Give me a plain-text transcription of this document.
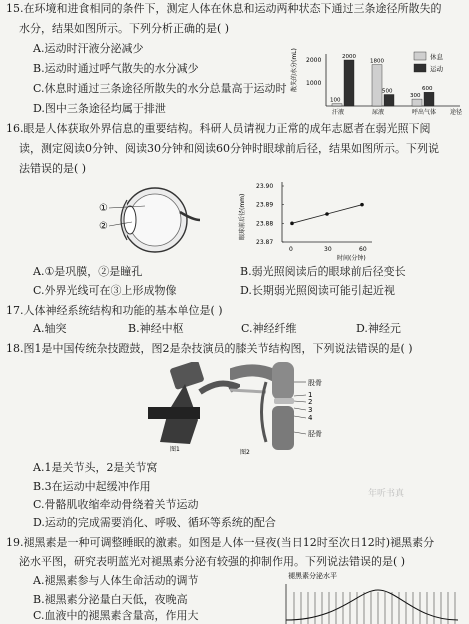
15.在环境和进食相同的条件下，测定人体在休息和运动两种状态下通过三条途径所散失的
水分，结果如图所示。下列分析正确的是( )
A.运动时汗液分泌减少
B.运动时通过呼气散失的水分减少
C.休息时通过三条途径所散失的水分总量高于运动时
D.图中三条途径均属于排泄
散失的水分(mL) 1000
2000
100
2000
汗液
1800
500
尿液
300
600
呼出气体 途径
休息
运动
16.眼是人体获取外界信息的重要结构。科研人员请视力正常的成年志愿者在弱光照下阅
读，测定阅读0分钟、阅读30分钟和阅读60分钟时眼球前后径，结果如图所示。下列说
法错误的是( )
①
②	眼球前后径(mm)
23.87
23.88
23.89
23.90
0	30	60
时间(分钟)
A.①是巩膜，②是瞳孔	B.弱光照阅读后的眼球前后径变长
C.外界光线可在③上形成物像	D.长期弱光照阅读可能引起近视
17.人体神经系统结构和功能的基本单位是( )
A.轴突	B.神经中枢	C.神经纤维	D.神经元
18.图1是中国传统杂技蹬鼓，图2是杂技演员的膝关节结构图，下列说法错误的是( )
图1
股骨
1
2
3
4
胫骨
图2
A.1是关节头，2是关节窝
B.3在运动中起缓冲作用
C.骨骼肌收缩牵动骨绕着关节运动
D.运动的完成需要消化、呼吸、循环等系统的配合
年听书真
19.褪黑素是一种可调整睡眠的激素。如图是人体一昼夜(当日12时至次日12时)褪黑素分
泌水平图，研究表明蓝光对褪黑素分泌有较强的抑制作用。下列说法错误的是( )
A.褪黑素参与人体生命活动的调节
B.褪黑素分泌量白天低，夜晚高
C.血液中的褪黑素含量高，作用大
褪黑素分泌水平
